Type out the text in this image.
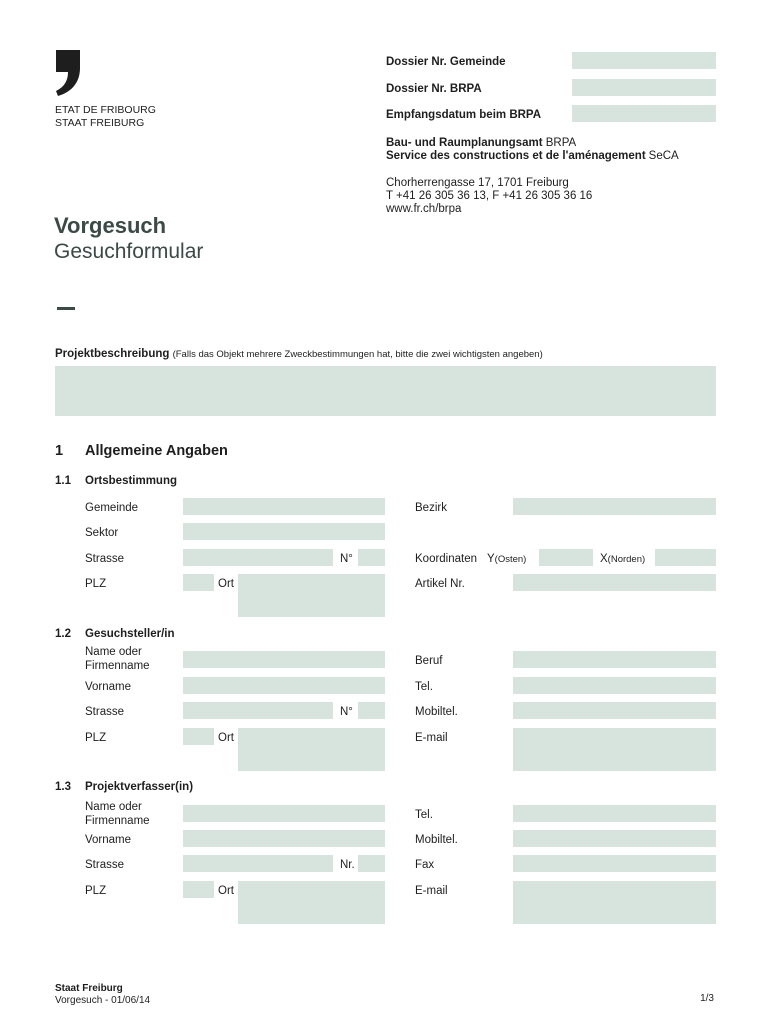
ETAT DE FRIBOURG
STAAT FREIBURG
Dossier Nr. Gemeinde
Dossier Nr. BRPA
Empfangsdatum beim BRPA
Bau- und Raumplanungsamt BRPA
Service des constructions et de l'aménagement SeCA
Chorherrengasse 17, 1701 Freiburg
T +41 26 305 36 13, F +41 26 305 36 16
www.fr.ch/brpa
Vorgesuch
Gesuchformular
Projektbeschreibung (Falls das Objekt mehrere Zweckbestimmungen hat, bitte die zwei wichtigsten angeben)
1 Allgemeine Angaben
1.1 Ortsbestimmung
Gemeinde	Bezirk
Sektor
Strasse	N°	Koordinaten Y(Osten)	X(Norden)
PLZ	Ort	Artikel Nr.
1.2 Gesuchsteller/in
Name oder
Firmenname	Beruf
Vorname	Tel.
Strasse	N°	Mobiltel.
PLZ	Ort	E-mail
1.3 Projektverfasser(in)
Name oder
Firmenname	Tel.
Vorname	Mobiltel.
Strasse	Nr.	Fax
PLZ	Ort	E-mail
Staat Freiburg
Vorgesuch - 01/06/14	1/3
